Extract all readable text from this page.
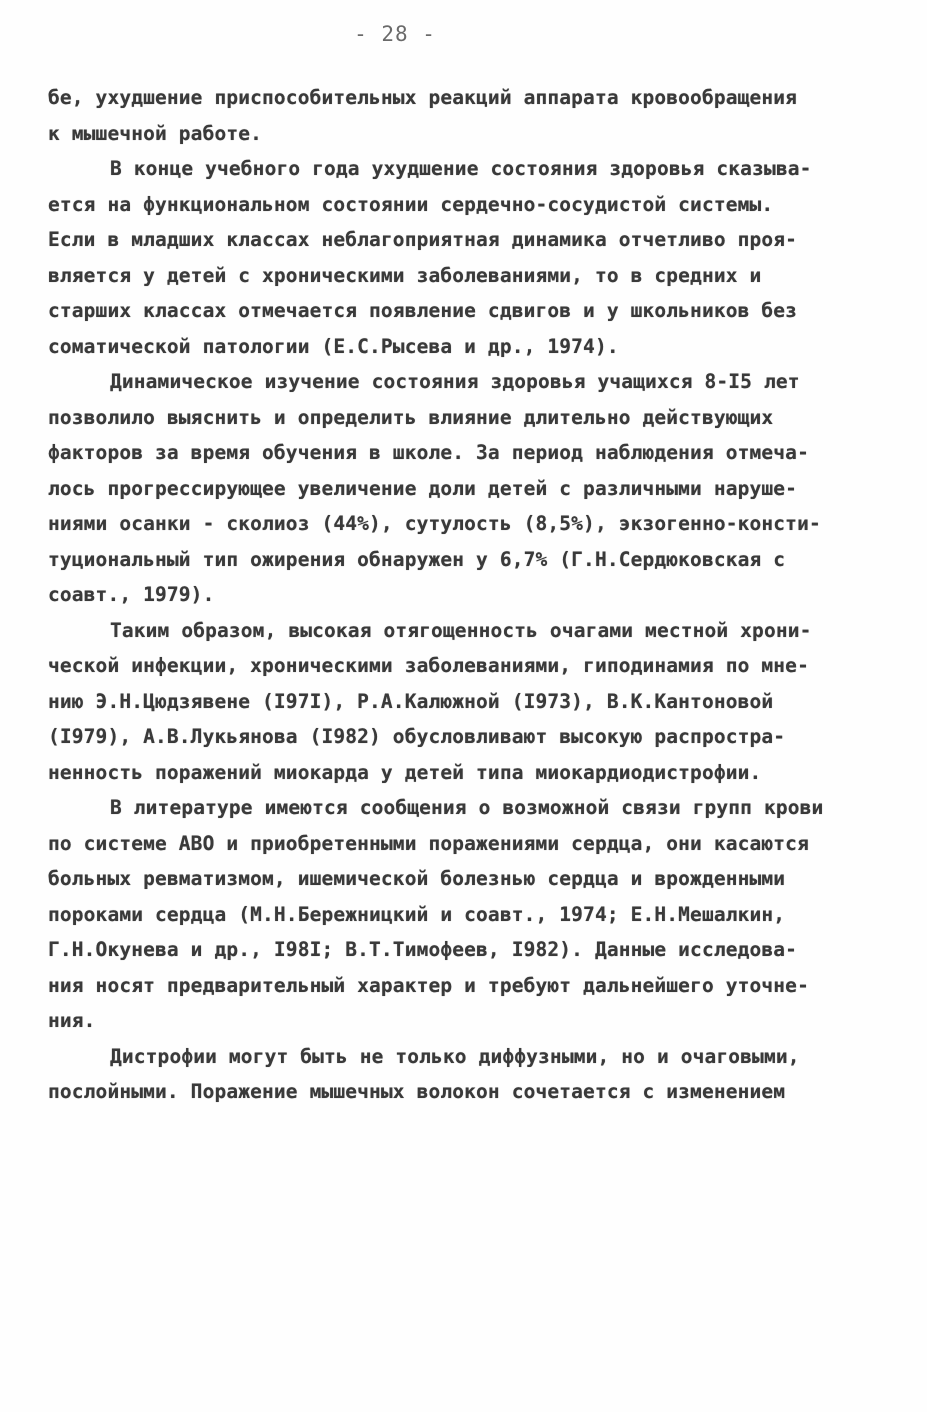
- 28 -
бе, ухудшение приспособительных реакций аппарата кровообращения
к мышечной работе.
В конце учебного года ухудшение состояния здоровья сказыва-
ется на функциональном состоянии сердечно-сосудистой системы.
Если в младших классах неблагоприятная динамика отчетливо проя-
вляется у детей с хроническими заболеваниями, то в средних и
старших классах отмечается появление сдвигов и у школьников без
соматической патологии (Е.С.Рысева и др., 1974).
Динамическое изучение состояния здоровья учащихся 8-I5 лет
позволило выяснить и определить влияние длительно действующих
факторов за время обучения в школе. За период наблюдения отмеча-
лось прогрессирующее увеличение доли детей с различными наруше-
ниями осанки - сколиоз (44%), сутулость (8,5%), экзогенно-консти-
туциональный тип ожирения обнаружен у 6,7% (Г.Н.Сердюковская с
соавт., 1979).
Таким образом, высокая отягощенность очагами местной хрони-
ческой инфекции, хроническими заболеваниями, гиподинамия по мне-
нию Э.Н.Цюдзявене (I97I), Р.А.Калюжной (I973), В.К.Кантоновой
(I979), А.В.Лукьянова (I982) обусловливают высокую распростра-
ненность поражений миокарда у детей типа миокардиодистрофии.
В литературе имеются сообщения о возможной связи групп крови
по системе АВО и приобретенными поражениями сердца, они касаются
больных ревматизмом, ишемической болезнью сердца и врожденными
пороками сердца (М.Н.Бережницкий и соавт., 1974; Е.Н.Мешалкин,
Г.Н.Окунева и др., I98I; В.Т.Тимофеев, I982). Данные исследова-
ния носят предварительный характер и требуют дальнейшего уточне-
ния.
Дистрофии могут быть не только диффузными, но и очаговыми,
послойными. Поражение мышечных волокон сочетается с изменением
